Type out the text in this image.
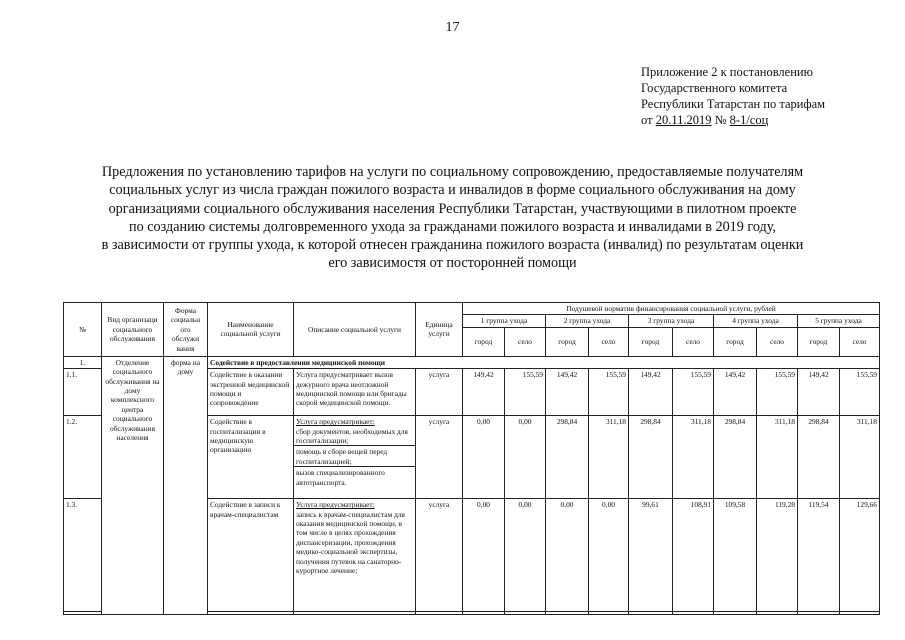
17
Приложение 2 к постановлению
Государственного комитета
Республики Татарстан по тарифам
от 20.11.2019 № 8-1/соц
Предложения по установлению тарифов на услуги по социальному сопровождению, предоставляемые получателям
социальных услуг из числа граждан пожилого возраста и инвалидов в форме социального обслуживания на дому
организациями социального обслуживания населения Республики Татарстан, участвующими в пилотном проекте
по созданию системы долговременного ухода за гражданами пожилого возраста и инвалидами в 2019 году,
в зависимости от группы ухода, к которой отнесен гражданина пожилого возраста (инвалид) по результатам оценки
его зависимостя от посторонней помощи
№	Вид организаци социального обслуживания	Форма социальн ого обслужи вания	Наименование социальной услуги	Описание социальной услуги	Единица услуги	Подушевой норматив финансирования социальной услуги, рублей									
						1 группа ухода		2 группа ухода		3 группа ухода		4 группа ухода		5 группа ухода	
						город	село	город	село	город	село	город	село	город	село
1.	Отделение социального обслуживания на дому комплексного центра социального обслуживания населения	форма на дому	Содействие в предоставлении медицинской помощи												
1.1.			Содействие в оказании экстренной медицинской помощи и сопровождение	Услуга предусматривает вызов дежурного врача неотложной медицинской помощи или бригады скорой медицинской помощи.	услуга	149,42	155,59	149,42	155,59	149,42	155,59	149,42	155,59	149,42	155,59
1.2.			Содействие в госпитализации в медицинскую организацию	Услуга предусматривает:
сбор документов, необходимых для госпитализации;
помощь в сборе вещей перед госпитализацией;
вызов специализированного автотранспорта.	услуга	0,00	0,00	298,84	311,18	298,84	311,18	298,84	311,18	298,84	311,18
1.3.			Содействие в записи к врачам-специалистам	Услуга предусматривает:
запись к врачам-специалистам для оказания медицинской помощи, в том числе в целях прохождения диспансеризации, прохождения медико-социальной экспертизы, получения путевок на санаторно-курортное лечение;	услуга	0,00	0,00	0,00	0,00	99,61	108,91	109,58	119,28	119,54	129,66
